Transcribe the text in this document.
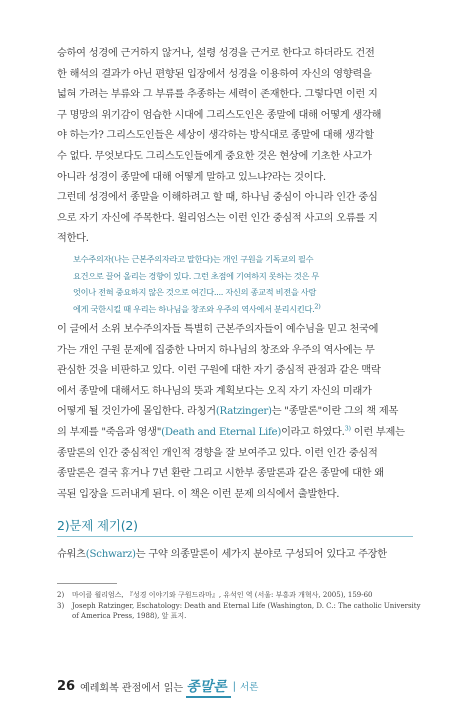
승하여 성경에 근거하지 않거나, 설령 성경을 근거로 한다고 하더라도 건전
한 해석의 결과가 아닌 편향된 입장에서 성경을 이용하여 자신의 영향력을
넓혀 가려는 부류와 그 부류를 추종하는 세력이 존재한다. 그렇다면 이런 지
구 명망의 위기감이 엄습한 시대에 그리스도인은 종말에 대해 어떻게 생각해
야 하는가? 그리스도인들은 세상이 생각하는 방식대로 종말에 대해 생각할
수 없다. 무엇보다도 그리스도인들에게 중요한 것은 현상에 기초한 사고가
아니라 성경이 종말에 대해 어떻게 말하고 있느냐?라는 것이다.
그런데 성경에서 종말을 이해하려고 할 때, 하나님 중심이 아니라 인간 중심
으로 자기 자신에 주목한다. 윌리엄스는 이런 인간 중심적 사고의 오류를 지
적한다.
보수주의자(나는 근본주의자라고 말한다)는 개인 구원을 기독교의 필수
요건으로 끌어 올리는 경향이 있다. 그런 초점에 기여하지 못하는 것은 무
엇이나 전혀 중요하지 않은 것으로 여긴다.... 자신의 종교적 비전을 사람
에게 국한시킬 때 우리는 하나님을 창조와 우주의 역사에서 분리시킨다.$^{2)}$
이 글에서 소위 보수주의자들 특별히 근본주의자들이 예수님을 믿고 천국에
가는 개인 구원 문제에 집중한 나머지 하나님의 창조와 우주의 역사에는 무
관심한 것을 비판하고 있다. 이런 구원에 대한 자기 중심적 관점과 같은 맥락
에서 종말에 대해서도 하나님의 뜻과 계획보다는 오직 자기 자신의 미래가
어떻게 될 것인가에 몰입한다. 라칭거(Ratzinger)는 "종말론"이란 그의 책 제목
의 부제를 "죽음과 영생"(Death and Eternal Life)이라고 하였다.$^{3)}$ 이런 부제는
종말론의 인간 중심적인 개인적 경향을 잘 보여주고 있다. 이런 인간 중심적
종말론은 결국 휴거나 7년 환란 그리고 시한부 종말론과 같은 종말에 대한 왜
곡된 입장을 드러내게 된다. 이 책은 이런 문제 의식에서 출발한다.
2)문제 제기(2)
슈워츠(Schwarz)는 구약 의종말론이 세가지 분야로 구성되어 있다고 주장한
2) 마이클 윌리엄스, 『성경 이야기와 구원드라마』, 유석인 역 (서울: 부흥과 개혁사, 2005), 159-60
3) Joseph Ratzinger, Eschatology: Death and Eternal Life (Washington, D. C.: The catholic University
of America Press, 1988), 앞 표지.
26 예레회복 관점에서 읽는 종말론 | 서론
